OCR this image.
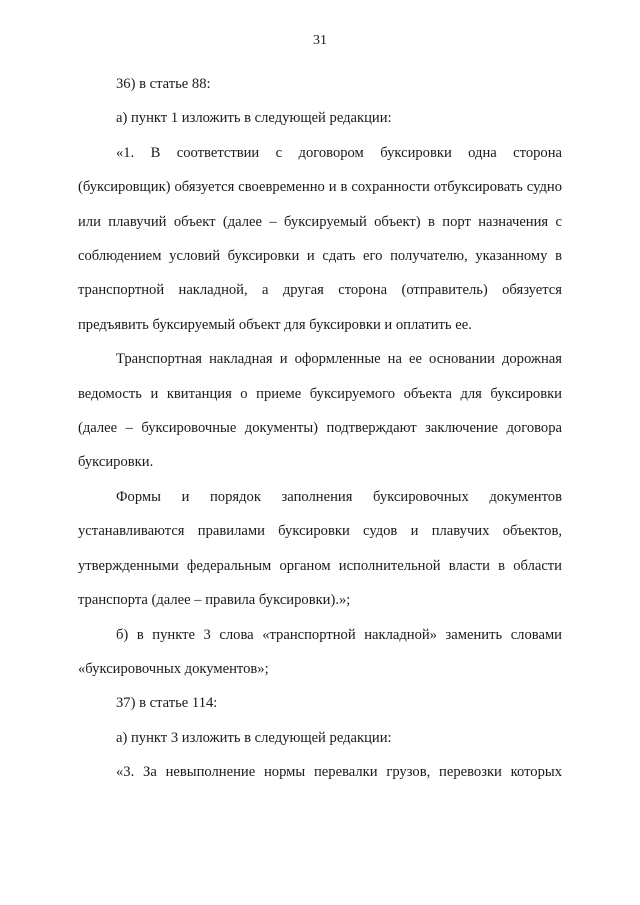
31

36) в статье 88:

а) пункт 1 изложить в следующей редакции:

«1. В соответствии с договором буксировки одна сторона (буксировщик) обязуется своевременно и в сохранности отбуксировать судно или плавучий объект (далее – буксируемый объект) в порт назначения с соблюдением условий буксировки и сдать его получателю, указанному в транспортной накладной, а другая сторона (отправитель) обязуется предъявить буксируемый объект для буксировки и оплатить ее.

Транспортная накладная и оформленные на ее основании дорожная ведомость и квитанция о приеме буксируемого объекта для буксировки (далее – буксировочные документы) подтверждают заключение договора буксировки.

Формы и порядок заполнения буксировочных документов устанавливаются правилами буксировки судов и плавучих объектов, утвержденными федеральным органом исполнительной власти в области транспорта (далее – правила буксировки).»;

б) в пункте 3 слова «транспортной накладной» заменить словами «буксировочных документов»;

37) в статье 114:

а) пункт 3 изложить в следующей редакции:

«3. За невыполнение нормы перевалки грузов, перевозки которых
